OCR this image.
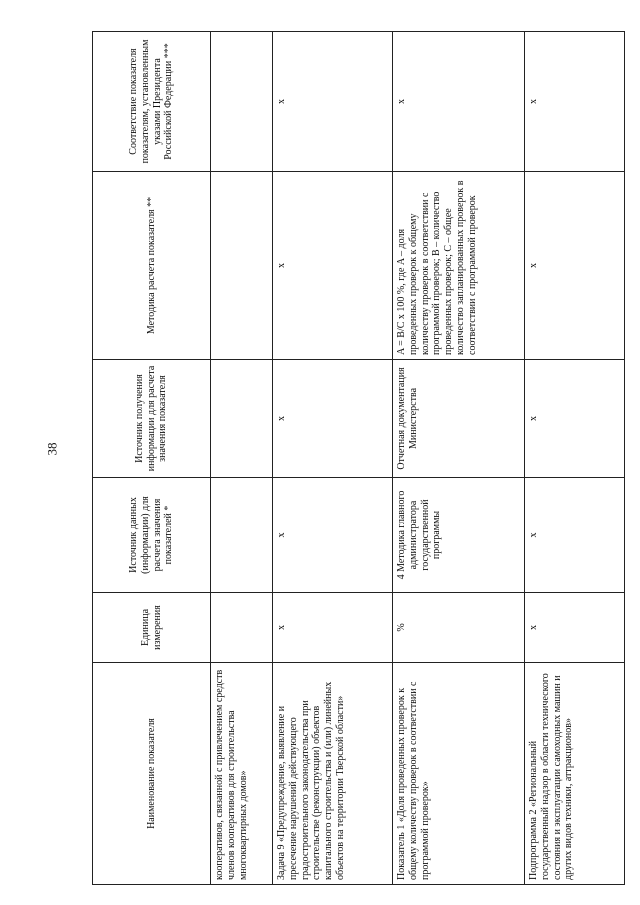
38
Наименование показателя	Единица измерения	Источник данных (информации) для расчета значения показателей *	Источник получения информации для расчета значения показателя	Методика расчета показателя **	Соответствие показателя показателям, установленным указами Президента Российской Федерации ***
кооперативов, связанной с привлечением средств членов кооперативов для строительства многоквартирных домов»					
Задача 9 «Предупреждение, выявление и пресечение нарушений действующего градостроительного законодательства при строительстве (реконструкции) объектов капитального строительства и (или) линейных объектов на территории Тверской области»	х	х	х	х	х
Показатель 1 «Доля проведенных проверок к общему количеству проверок в соответствии с программой проверок»	%	4 Методика главного администратора государственной программы	Отчетная документация Министерства	A = B/C x 100 %, где A – доля проведенных проверок к общему количеству проверок в соответствии с программой проверок; B – количество проведенных проверок; C – общее количество запланированных проверок в соответствии с программой проверок	х
Подпрограмма 2 «Региональный государственный надзор в области технического состояния и эксплуатации самоходных машин и других видов техники, аттракционов»	х	х	х	х	х
